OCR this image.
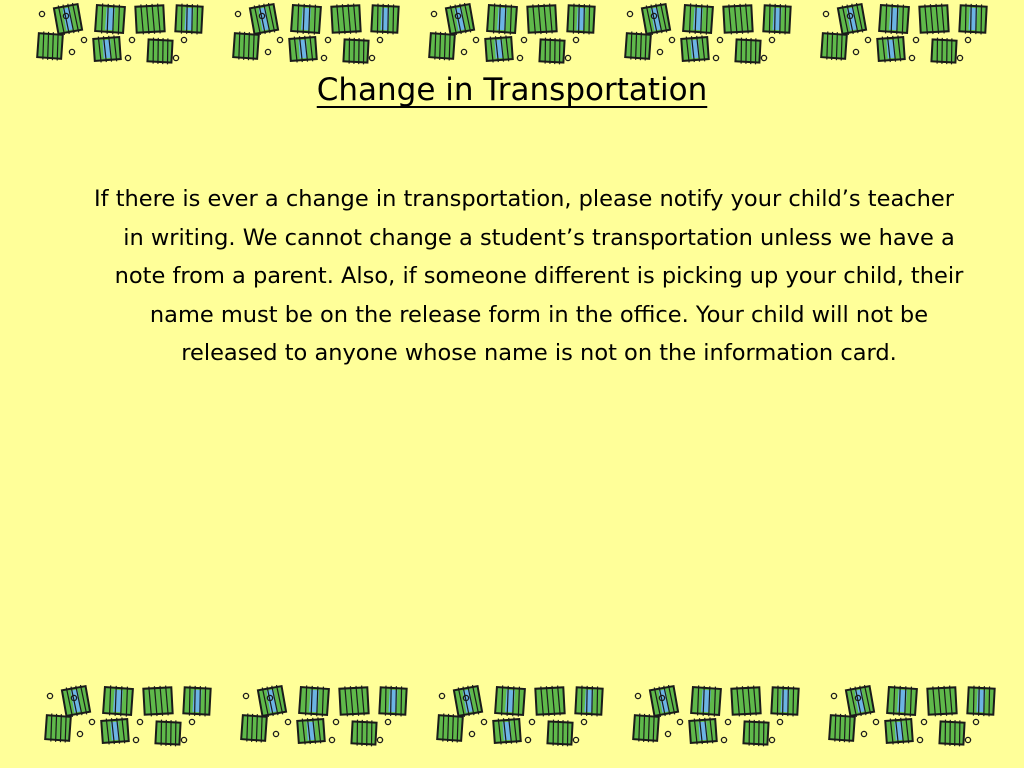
Change in Transportation

If there is ever a change in transportation, please notify your child’s teacher in writing. We cannot change a student’s transportation unless we have a note from a parent. Also, if someone different is picking up your child, their name must be on the release form in the office. Your child will not be released to anyone whose name is not on the information card.
